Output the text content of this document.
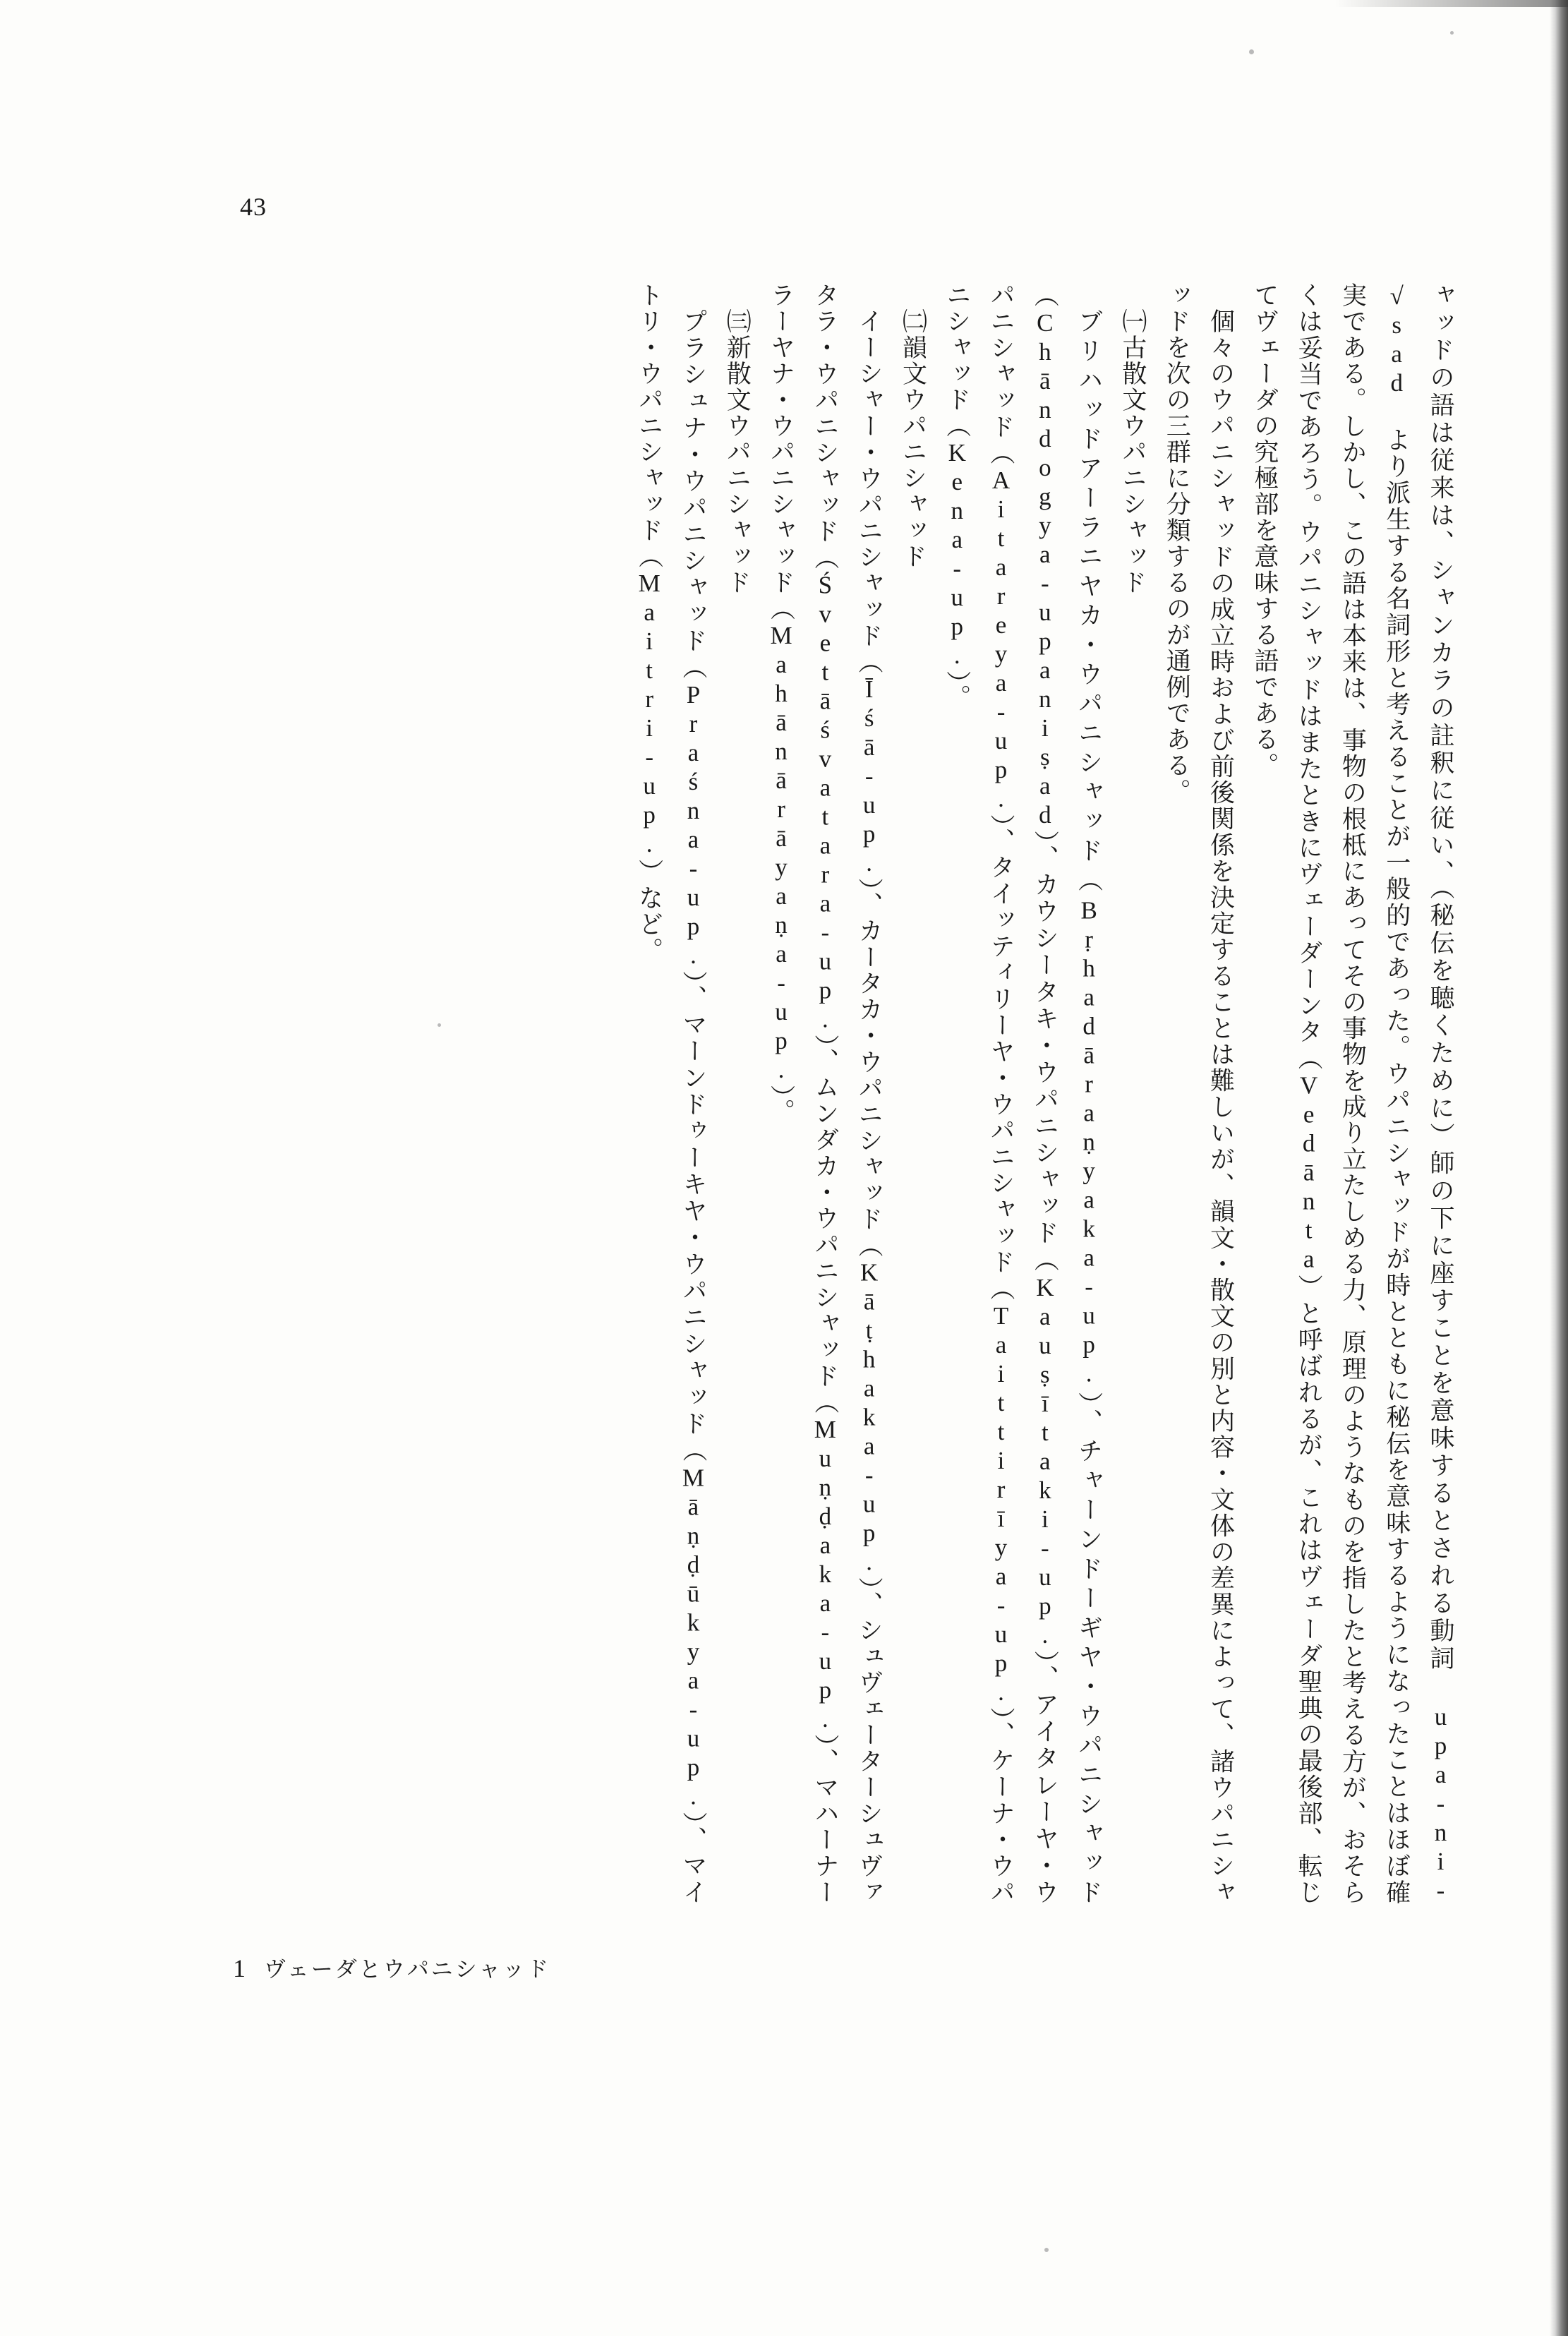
43

ャッドの語は従来は、シャンカラの註釈に従い、（秘伝を聴くために）師の下に座すことを意味するとされる動詞 upa-ni-√sad より派生する名詞形と考えることが一般的であった。ウパニシャッドが時とともに秘伝を意味するようになったことはほぼ確実である。しかし、この語は本来は、事物の根柢にあってその事物を成り立たしめる力、原理のようなものを指したと考える方が、おそらくは妥当であろう。ウパニシャッドはまたときにヴェーダーンタ（Vedānta）と呼ばれるが、これはヴェーダ聖典の最後部、転じてヴェーダの究極部を意味する語である。

個々のウパニシャッドの成立時および前後関係を決定することは難しいが、韻文・散文の別と内容・文体の差異によって、諸ウパニシャッドを次の三群に分類するのが通例である。

㈠古散文ウパニシャッド

ブリハッドアーラニヤカ・ウパニシャッド（Bṛhadāraṇyaka-up.）、チャーンドーギヤ・ウパニシャッド（Chāndogya-upaniṣad）、カウシータキ・ウパニシャッド（Kauṣītaki-up.）、アイタレーヤ・ウパニシャッド（Aitareya-up.）、タイッティリーヤ・ウパニシャッド（Taittirīya-up.）、ケーナ・ウパニシャッド（Kena-up.）。

㈡韻文ウパニシャッド

イーシャー・ウパニシャッド（Īśā-up.）、カータカ・ウパニシャッド（Kāṭhaka-up.）、シュヴェーターシュヴァタラ・ウパニシャッド（Śvetāśvatara-up.）、ムンダカ・ウパニシャッド（Muṇḍaka-up.）、マハーナーラーヤナ・ウパニシャッド（Mahānārāyaṇa-up.）。

㈢新散文ウパニシャッド

プラシュナ・ウパニシャッド（Praśna-up.）、マーンドゥーキヤ・ウパニシャッド（Māṇḍūkya-up.）、マイトリ・ウパニシャッド（Maitri-up.）など。

1 ヴェーダとウパニシャッド
